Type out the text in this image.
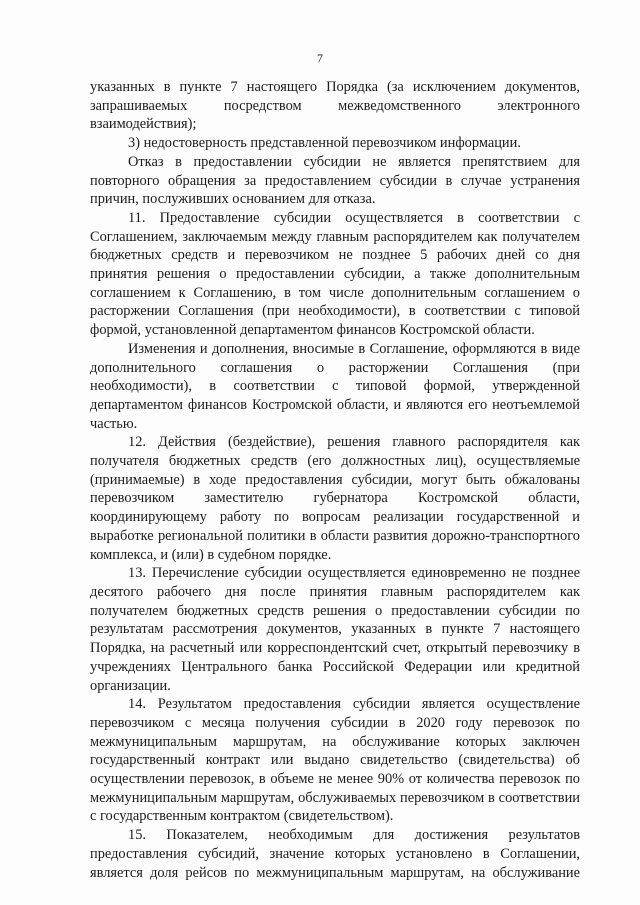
7

указанных в пункте 7 настоящего Порядка (за исключением документов, запрашиваемых посредством межведомственного электронного взаимодействия);

3) недостоверность представленной перевозчиком информации.

Отказ в предоставлении субсидии не является препятствием для повторного обращения за предоставлением субсидии в случае устранения причин, послуживших основанием для отказа.

11. Предоставление субсидии осуществляется в соответствии с Соглашением, заключаемым между главным распорядителем как получателем бюджетных средств и перевозчиком не позднее 5 рабочих дней со дня принятия решения о предоставлении субсидии, а также дополнительным соглашением к Соглашению, в том числе дополнительным соглашением о расторжении Соглашения (при необходимости), в соответствии с типовой формой, установленной департаментом финансов Костромской области.

Изменения и дополнения, вносимые в Соглашение, оформляются в виде дополнительного соглашения о расторжении Соглашения (при необходимости), в соответствии с типовой формой, утвержденной департаментом финансов Костромской области, и являются его неотъемлемой частью.

12. Действия (бездействие), решения главного распорядителя как получателя бюджетных средств (его должностных лиц), осуществляемые (принимаемые) в ходе предоставления субсидии, могут быть обжалованы перевозчиком заместителю губернатора Костромской области, координирующему работу по вопросам реализации государственной и выработке региональной политики в области развития дорожно-транспортного комплекса, и (или) в судебном порядке.

13. Перечисление субсидии осуществляется единовременно не позднее десятого рабочего дня после принятия главным распорядителем как получателем бюджетных средств решения о предоставлении субсидии по результатам рассмотрения документов, указанных в пункте 7 настоящего Порядка, на расчетный или корреспондентский счет, открытый перевозчику в учреждениях Центрального банка Российской Федерации или кредитной организации.

14. Результатом предоставления субсидии является осуществление перевозчиком с месяца получения субсидии в 2020 году перевозок по межмуниципальным маршрутам, на обслуживание которых заключен государственный контракт или выдано свидетельство (свидетельства) об осуществлении перевозок, в объеме не менее 90% от количества перевозок по межмуниципальным маршрутам, обслуживаемых перевозчиком в соответствии с государственным контрактом (свидетельством).

15. Показателем, необходимым для достижения результатов предоставления субсидий, значение которых установлено в Соглашении, является доля рейсов по межмуниципальным маршрутам, на обслуживание
